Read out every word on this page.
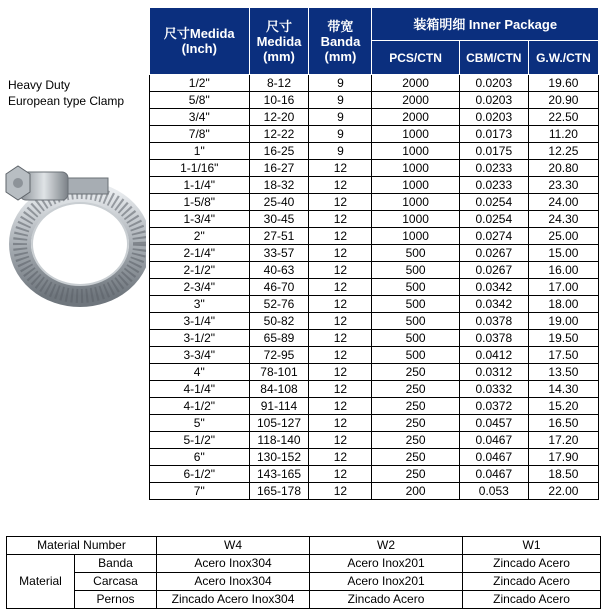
Heavy Duty
European type Clamp
尺寸Medida (Inch)	尺寸 Medida (mm)	带宽 Banda (mm)	装箱明细 Inner Package		
			PCS/CTN	CBM/CTN	G.W./CTN
1/2"	8-12	9	2000	0.0203	19.60
5/8"	10-16	9	2000	0.0203	20.90
3/4"	12-20	9	2000	0.0203	22.50
7/8"	12-22	9	1000	0.0173	11.20
1"	16-25	9	1000	0.0175	12.25
1-1/16"	16-27	12	1000	0.0233	20.80
1-1/4"	18-32	12	1000	0.0233	23.30
1-5/8"	25-40	12	1000	0.0254	24.00
1-3/4"	30-45	12	1000	0.0254	24.30
2"	27-51	12	1000	0.0274	25.00
2-1/4"	33-57	12	500	0.0267	15.00
2-1/2"	40-63	12	500	0.0267	16.00
2-3/4"	46-70	12	500	0.0342	17.00
3"	52-76	12	500	0.0342	18.00
3-1/4"	50-82	12	500	0.0378	19.00
3-1/2"	65-89	12	500	0.0378	19.50
3-3/4"	72-95	12	500	0.0412	17.50
4"	78-101	12	250	0.0312	13.50
4-1/4"	84-108	12	250	0.0332	14.30
4-1/2"	91-114	12	250	0.0372	15.20
5"	105-127	12	250	0.0457	16.50
5-1/2"	118-140	12	250	0.0467	17.20
6"	130-152	12	250	0.0467	17.90
6-1/2"	143-165	12	250	0.0467	18.50
7"	165-178	12	200	0.053	22.00
Material Number		W4	W2	W1
Material	Banda	Acero Inox304	Acero Inox201	Zincado Acero
	Carcasa	Acero Inox304	Acero Inox201	Zincado Acero
	Pernos	Zincado Acero Inox304	Zincado Acero	Zincado Acero
